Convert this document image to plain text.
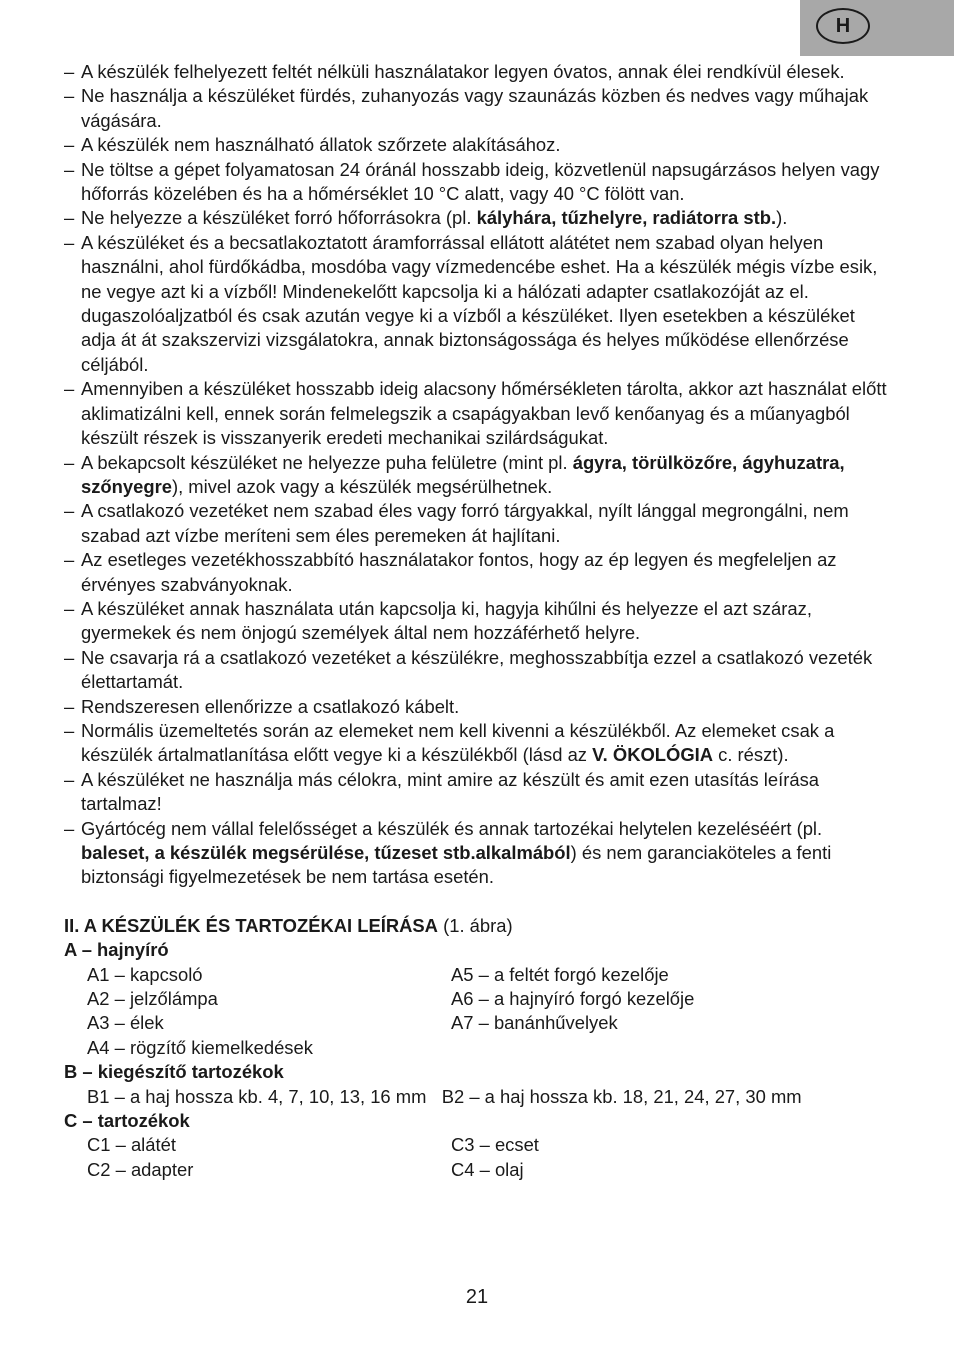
H
– A készülék felhelyezett feltét nélküli használatakor legyen óvatos, annak élei rendkívül élesek.
– Ne használja a készüléket fürdés, zuhanyozás vagy szaunázás közben és nedves vagy műhajak vágására.
– A készülék nem használható állatok szőrzete alakításához.
– Ne töltse a gépet folyamatosan 24 óránál hosszabb ideig, közvetlenül napsugárzásos helyen vagy hőforrás közelében és ha a hőmérséklet 10 °C alatt, vagy 40 °C fölött van.
– Ne helyezze a készüléket forró hőforrásokra (pl. kályhára, tűzhelyre, radiátorra stb.).
– A készüléket és a becsatlakoztatott áramforrással ellátott alátétet nem szabad olyan helyen használni, ahol fürdőkádba, mosdóba vagy vízmedencébe eshet. Ha a készülék mégis vízbe esik, ne vegye azt ki a vízből! Mindenekelőtt kapcsolja ki a hálózati adapter csatlakozóját az el. dugaszolóaljzatból és csak azután vegye ki a vízből a készüléket. Ilyen esetekben a készüléket adja át át szakszervizi vizsgálatokra, annak biztonságossága és helyes működése ellenőrzése céljából.
– Amennyiben a készüléket hosszabb ideig alacsony hőmérsékleten tárolta, akkor azt használat előtt aklimatizálni kell, ennek során felmelegszik a csapágyakban levő kenőanyag és a műanyagból készült részek is visszanyerik eredeti mechanikai szilárdságukat.
– A bekapcsolt készüléket ne helyezze puha felületre (mint pl. ágyra, törülközőre, ágyhuzatra, szőnyegre), mivel azok vagy a készülék megsérülhetnek.
– A csatlakozó vezetéket nem szabad éles vagy forró tárgyakkal, nyílt lánggal megrongálni, nem szabad azt vízbe meríteni sem éles peremeken át hajlítani.
– Az esetleges vezetékhosszabbító használatakor fontos, hogy az ép legyen és megfeleljen az érvényes szabványoknak.
– A készüléket annak használata után kapcsolja ki, hagyja kihűlni és helyezze el azt száraz, gyermekek és nem önjogú személyek által nem hozzáférhető helyre.
– Ne csavarja rá a csatlakozó vezetéket a készülékre, meghosszabbítja ezzel a csatlakozó vezeték élettartamát.
– Rendszeresen ellenőrizze a csatlakozó kábelt.
– Normális üzemeltetés során az elemeket nem kell kivenni a készülékből. Az elemeket csak a készülék ártalmatlanítása előtt vegye ki a készülékből (lásd az V. ÖKOLÓGIA c. részt).
– A készüléket ne használja más célokra, mint amire az készült és amit ezen utasítás leírása tartalmaz!
– Gyártócég nem vállal felelősséget a készülék és annak tartozékai helytelen kezeléséért (pl. baleset, a készülék megsérülése, tűzeset stb.alkalmából) és nem garanciaköteles a fenti biztonsági figyelmezetések be nem tartása esetén.
II. A KÉSZÜLÉK ÉS TARTOZÉKAI LEÍRÁSA (1. ábra)
A – hajnyíró
A1 – kapcsoló	A5 – a feltét forgó kezelője
A2 – jelzőlámpa	A6 – a hajnyíró forgó kezelője
A3 – élek	A7 – banánhűvelyek
A4 – rögzítő kiemelkedések
B – kiegészítő tartozékok
B1 – a haj hossza kb. 4, 7, 10, 13, 16 mm   B2 – a haj hossza kb. 18, 21, 24, 27, 30 mm
C – tartozékok
C1 – alátét	C3 – ecset
C2 – adapter	C4 – olaj
21
